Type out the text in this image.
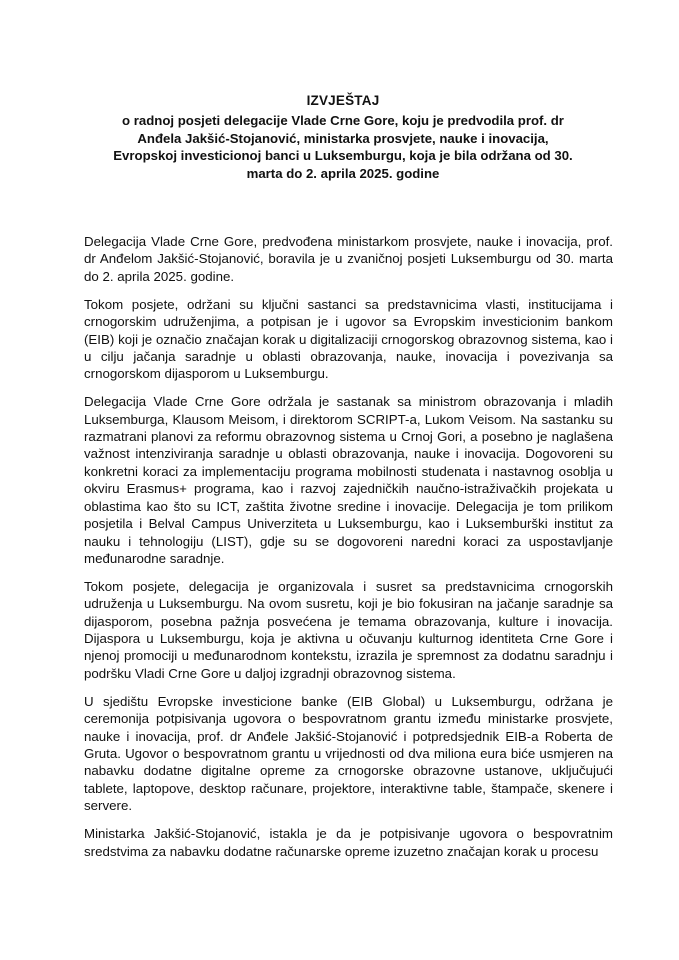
IZVJEŠTAJ

o radnoj posjeti delegacije Vlade Crne Gore, koju je predvodila prof. dr Anđela Jakšić-Stojanović, ministarka prosvjete, nauke i inovacija, Evropskoj investicionoj banci u Luksemburgu, koja je bila održana od 30. marta do 2. aprila 2025. godine

Delegacija Vlade Crne Gore, predvođena ministarkom prosvjete, nauke i inovacija, prof. dr Anđelom Jakšić-Stojanović, boravila je u zvaničnoj posjeti Luksemburgu od 30. marta do 2. aprila 2025. godine.

Tokom posjete, održani su ključni sastanci sa predstavnicima vlasti, institucijama i crnogorskim udruženjima, a potpisan je i ugovor sa Evropskim investicionim bankom (EIB) koji je označio značajan korak u digitalizaciji crnogorskog obrazovnog sistema, kao i u cilju jačanja saradnje u oblasti obrazovanja, nauke, inovacija i povezivanja sa crnogorskom dijasporom u Luksemburgu.

Delegacija Vlade Crne Gore održala je sastanak sa ministrom obrazovanja i mladih Luksemburga, Klausom Meisom, i direktorom SCRIPT-a, Lukom Veisom. Na sastanku su razmatrani planovi za reformu obrazovnog sistema u Crnoj Gori, a posebno je naglašena važnost intenziviranja saradnje u oblasti obrazovanja, nauke i inovacija. Dogovoreni su konkretni koraci za implementaciju programa mobilnosti studenata i nastavnog osoblja u okviru Erasmus+ programa, kao i razvoj zajedničkih naučno-istraživačkih projekata u oblastima kao što su ICT, zaštita životne sredine i inovacije. Delegacija je tom prilikom posjetila i Belval Campus Univerziteta u Luksemburgu, kao i Luksemburški institut za nauku i tehnologiju (LIST), gdje su se dogovoreni naredni koraci za uspostavljanje međunarodne saradnje.

Tokom posjete, delegacija je organizovala i susret sa predstavnicima crnogorskih udruženja u Luksemburgu. Na ovom susretu, koji je bio fokusiran na jačanje saradnje sa dijasporom, posebna pažnja posvećena je temama obrazovanja, kulture i inovacija. Dijaspora u Luksemburgu, koja je aktivna u očuvanju kulturnog identiteta Crne Gore i njenoj promociji u međunarodnom kontekstu, izrazila je spremnost za dodatnu saradnju i podršku Vladi Crne Gore u daljoj izgradnji obrazovnog sistema.

U sjedištu Evropske investicione banke (EIB Global) u Luksemburgu, održana je ceremonija potpisivanja ugovora o bespovratnom grantu između ministarke prosvjete, nauke i inovacija, prof. dr Anđele Jakšić-Stojanović i potpredsjednik EIB-a Roberta de Gruta. Ugovor o bespovratnom grantu u vrijednosti od dva miliona eura biće usmjeren na nabavku dodatne digitalne opreme za crnogorske obrazovne ustanove, uključujući tablete, laptopove, desktop računare, projektore, interaktivne table, štampače, skenere i servere.

Ministarka Jakšić-Stojanović, istakla je da je potpisivanje ugovora o bespovratnim sredstvima za nabavku dodatne računarske opreme izuzetno značajan korak u procesu
